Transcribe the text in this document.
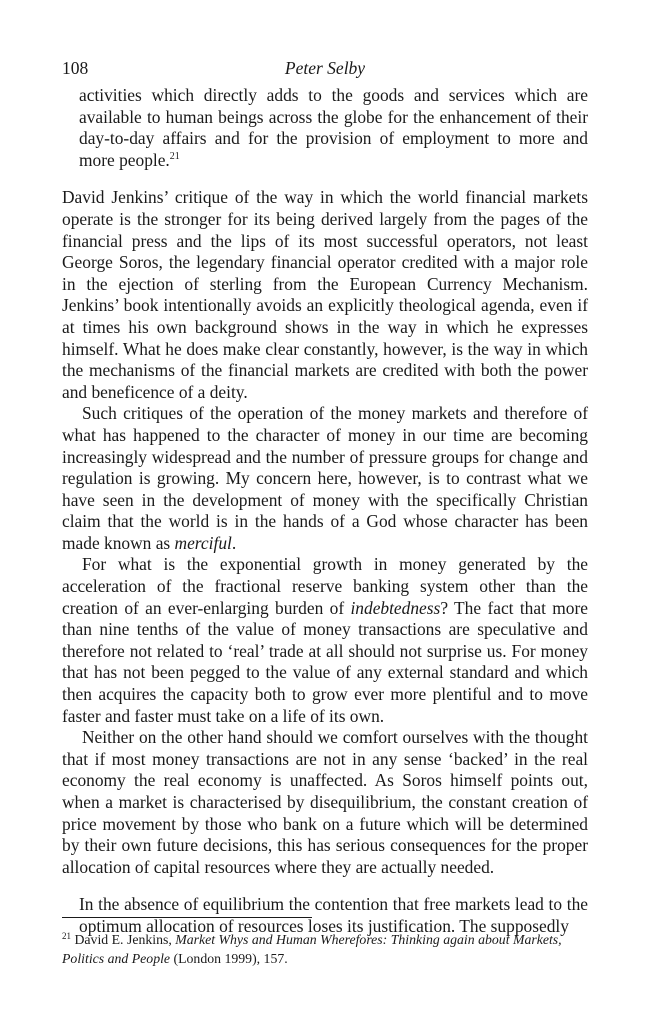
108	Peter Selby

activities which directly adds to the goods and services which are available to human beings across the globe for the enhancement of their day-to-day affairs and for the provision of employment to more and more people.$^{21}$

David Jenkins’ critique of the way in which the world financial markets operate is the stronger for its being derived largely from the pages of the financial press and the lips of its most successful operators, not least George Soros, the legendary financial operator credited with a major role in the ejection of sterling from the European Currency Mechanism. Jenkins’ book intentionally avoids an explicitly theological agenda, even if at times his own background shows in the way in which he expresses himself. What he does make clear constantly, however, is the way in which the mechanisms of the financial markets are credited with both the power and beneficence of a deity.

Such critiques of the operation of the money markets and therefore of what has happened to the character of money in our time are becoming increasingly widespread and the number of pressure groups for change and regulation is growing. My concern here, however, is to contrast what we have seen in the development of money with the specifically Christian claim that the world is in the hands of a God whose character has been made known as merciful.

For what is the exponential growth in money generated by the acceleration of the fractional reserve banking system other than the creation of an ever-enlarging burden of indebtedness? The fact that more than nine tenths of the value of money transactions are speculative and therefore not related to ‘real’ trade at all should not surprise us. For money that has not been pegged to the value of any external standard and which then acquires the capacity both to grow ever more plentiful and to move faster and faster must take on a life of its own.

Neither on the other hand should we comfort ourselves with the thought that if most money transactions are not in any sense ‘backed’ in the real economy the real economy is unaffected. As Soros himself points out, when a market is characterised by disequilibrium, the constant creation of price movement by those who bank on a future which will be determined by their own future decisions, this has serious consequences for the proper allocation of capital resources where they are actually needed.

In the absence of equilibrium the contention that free markets lead to the optimum allocation of resources loses its justification. The supposedly

$^{21}$ David E. Jenkins, Market Whys and Human Wherefores: Thinking again about Markets, Politics and People (London 1999), 157.
